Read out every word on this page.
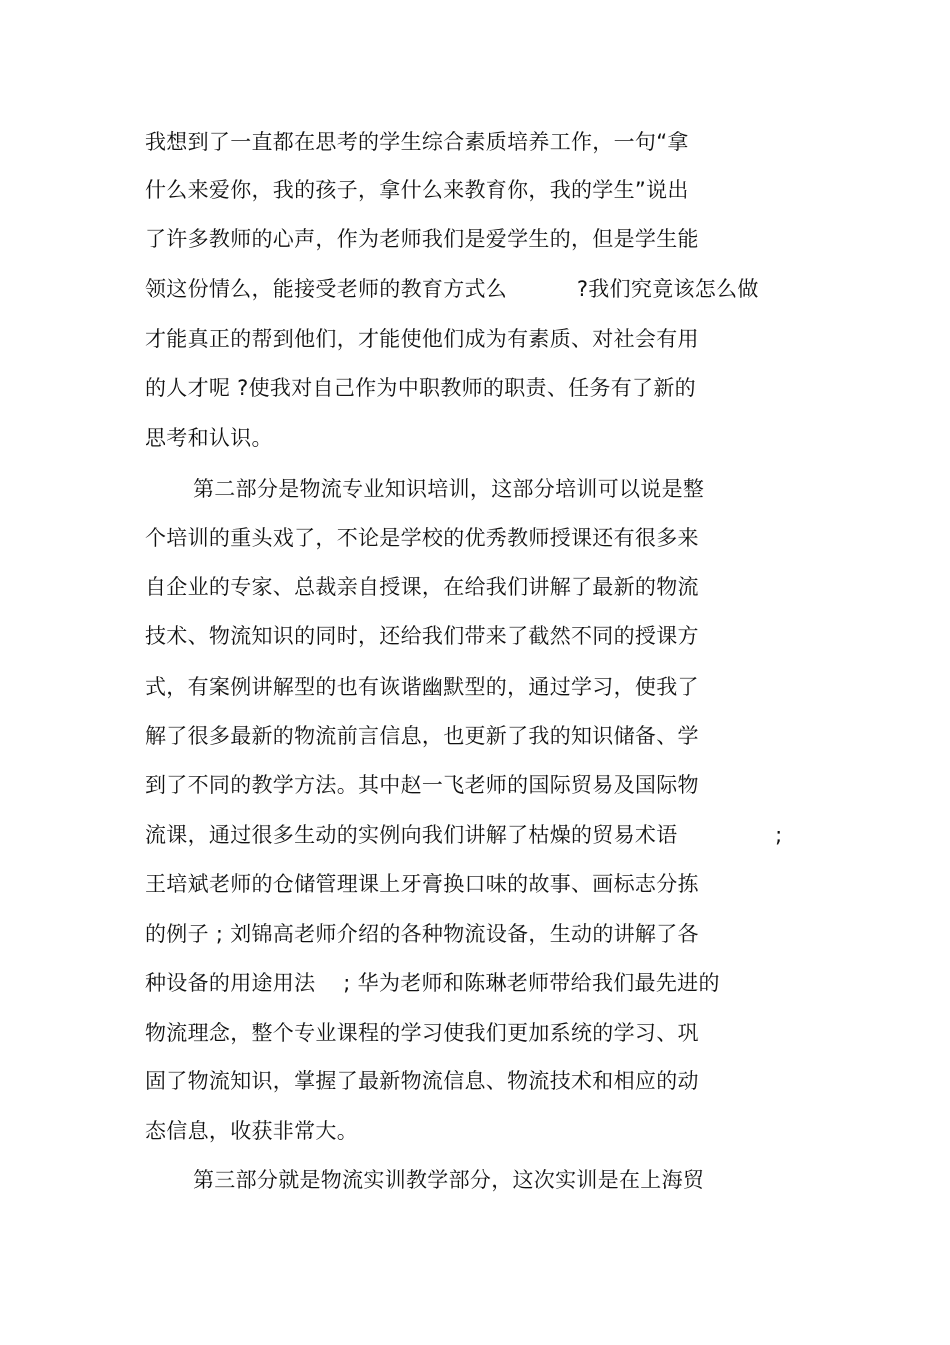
我想到了一直都在思考的学生综合素质培养工作，一句“拿
什么来爱你，我的孩子，拿什么来教育你，我的学生”说出
了许多教师的心声，作为老师我们是爱学生的，但是学生能
领这份情么，能接受老师的教育方式么          ?我们究竟该怎么做
才能真正的帮到他们，才能使他们成为有素质、对社会有用
的人才呢 ?使我对自己作为中职教师的职责、任务有了新的
思考和认识。
第二部分是物流专业知识培训，这部分培训可以说是整
个培训的重头戏了，不论是学校的优秀教师授课还有很多来
自企业的专家、总裁亲自授课，在给我们讲解了最新的物流
技术、物流知识的同时，还给我们带来了截然不同的授课方
式，有案例讲解型的也有诙谐幽默型的，通过学习，使我了
解了很多最新的物流前言信息，也更新了我的知识储备、学
到了不同的教学方法。其中赵一飞老师的国际贸易及国际物
流课，通过很多生动的实例向我们讲解了枯燥的贸易术语              ;
王培斌老师的仓储管理课上牙膏换口味的故事、画标志分拣
的例子 ; 刘锦高老师介绍的各种物流设备，生动的讲解了各
种设备的用途用法    ; 华为老师和陈琳老师带给我们最先进的
物流理念，整个专业课程的学习使我们更加系统的学习、巩
固了物流知识，掌握了最新物流信息、物流技术和相应的动
态信息，收获非常大。
第三部分就是物流实训教学部分，这次实训是在上海贸
